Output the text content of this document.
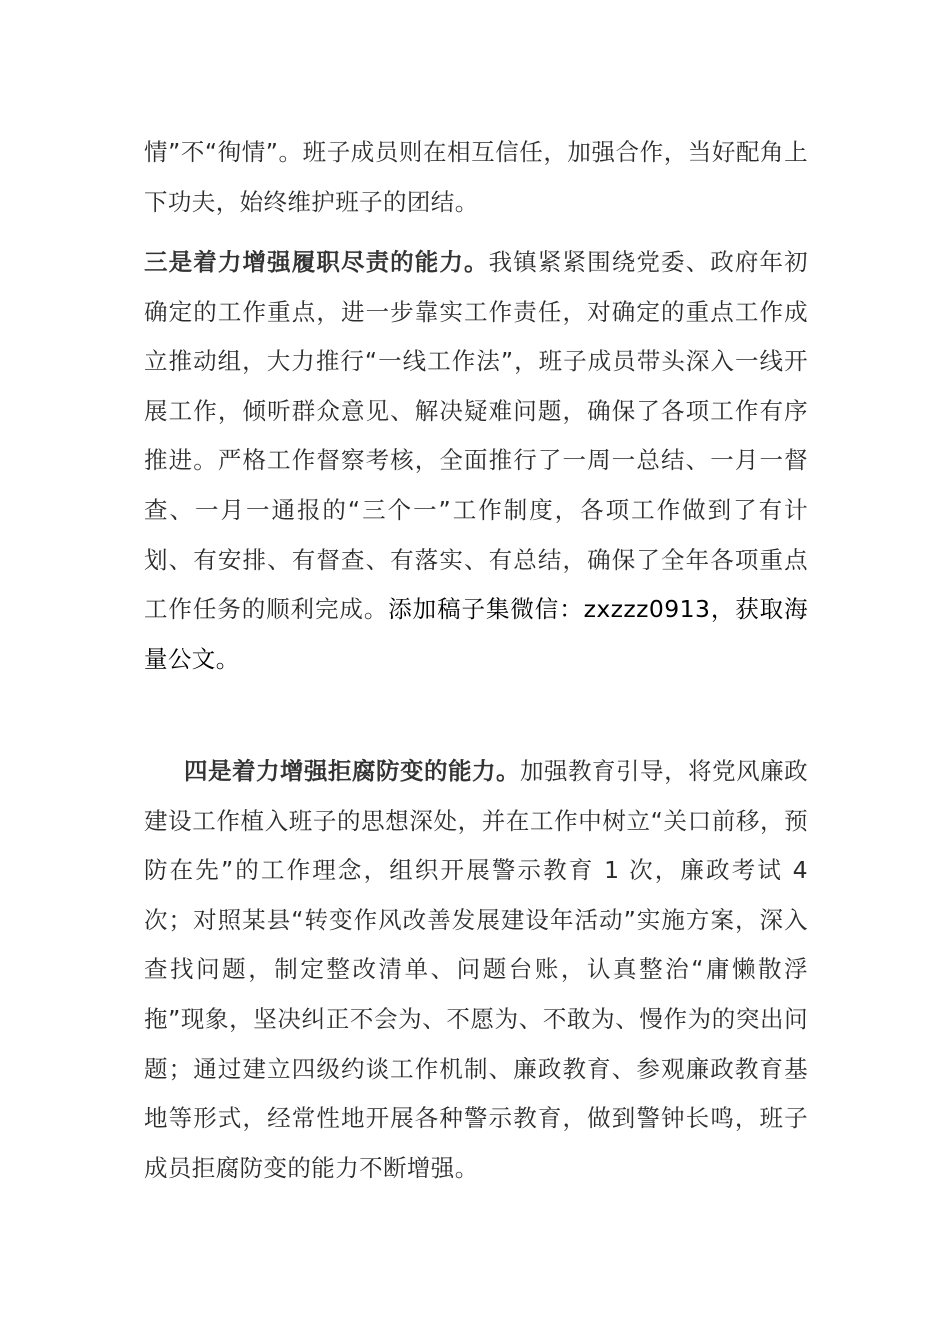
情”不“徇情”。班子成员则在相互信任，加强合作，当好配角上下功夫，始终维护班子的团结。

三是着力增强履职尽责的能力。我镇紧紧围绕党委、政府年初确定的工作重点，进一步靠实工作责任，对确定的重点工作成立推动组，大力推行“一线工作法”，班子成员带头深入一线开展工作，倾听群众意见、解决疑难问题，确保了各项工作有序推进。严格工作督察考核，全面推行了一周一总结、一月一督查、一月一通报的“三个一”工作制度，各项工作做到了有计划、有安排、有督查、有落实、有总结，确保了全年各项重点工作任务的顺利完成。添加稿子集微信：zxzzz0913，获取海量公文。

四是着力增强拒腐防变的能力。加强教育引导，将党风廉政建设工作植入班子的思想深处，并在工作中树立“关口前移，预防在先”的工作理念，组织开展警示教育 1 次，廉政考试 4 次；对照某县“转变作风改善发展建设年活动”实施方案，深入查找问题，制定整改清单、问题台账，认真整治“庸懒散浮拖”现象，坚决纠正不会为、不愿为、不敢为、慢作为的突出问题；通过建立四级约谈工作机制、廉政教育、参观廉政教育基地等形式，经常性地开展各种警示教育，做到警钟长鸣，班子成员拒腐防变的能力不断增强。
